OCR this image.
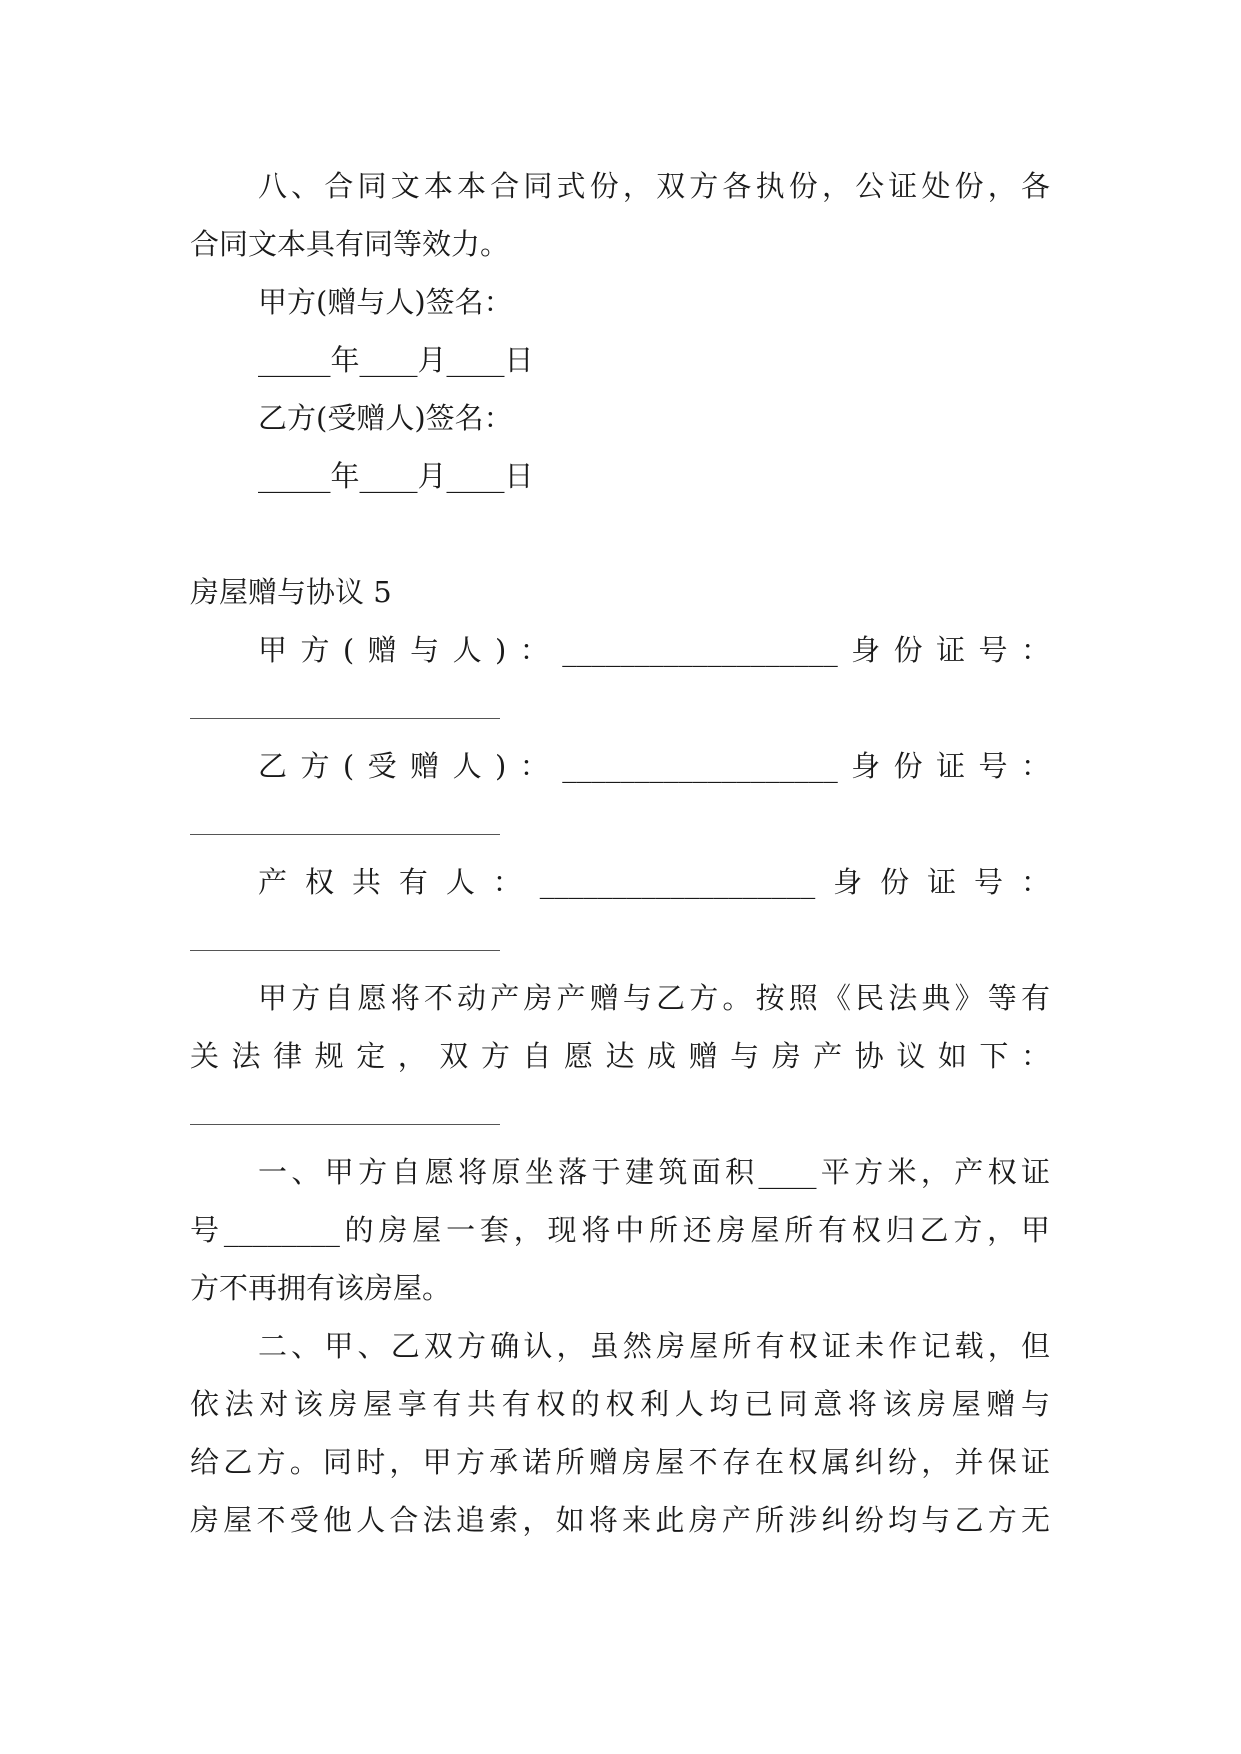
八、合同文本本合同式份，双方各执份，公证处份，各
合同文本具有同等效力。
甲方(赠与人)签名：
_____年____月____日
乙方(受赠人)签名：
_____年____月____日
房屋赠与协议 5
甲方(赠与人)：___________________身份证号：
乙方(受赠人)：___________________身份证号：
产权共有人：___________________身份证号：
甲方自愿将不动产房产赠与乙方。按照《民法典》等有
关法律规定，双方自愿达成赠与房产协议如下：
一、甲方自愿将原坐落于建筑面积____平方米，产权证
号________的房屋一套，现将中所还房屋所有权归乙方，甲
方不再拥有该房屋。
二、甲、乙双方确认，虽然房屋所有权证未作记载，但
依法对该房屋享有共有权的权利人均已同意将该房屋赠与
给乙方。同时，甲方承诺所赠房屋不存在权属纠纷，并保证
房屋不受他人合法追索，如将来此房产所涉纠纷均与乙方无
